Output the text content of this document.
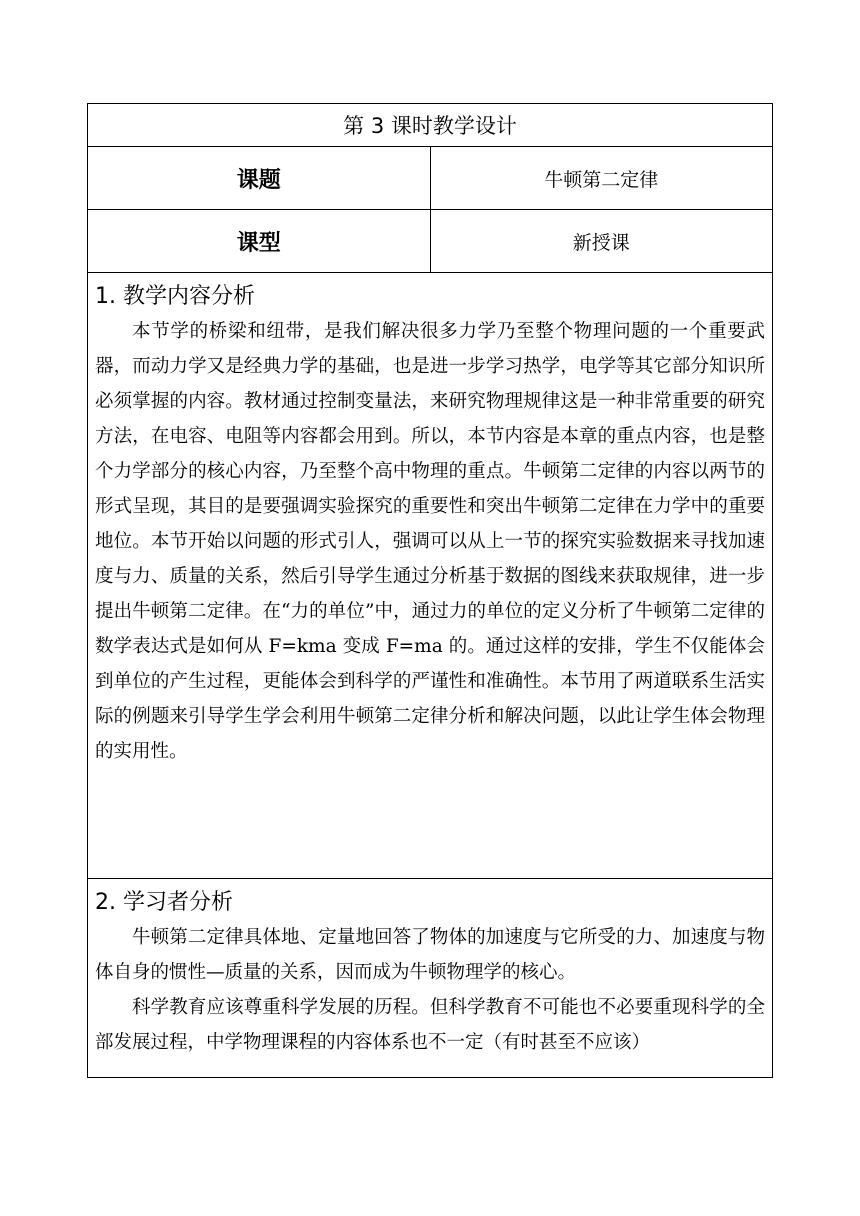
第 3 课时教学设计	
课题	牛顿第二定律
课型	新授课

1. 教学内容分析

本节学的桥梁和纽带，是我们解决很多力学乃至整个物理问题的一个重要武器，而动力学又是经典力学的基础，也是进一步学习热学，电学等其它部分知识所必须掌握的内容。教材通过控制变量法，来研究物理规律这是一种非常重要的研究方法，在电容、电阻等内容都会用到。所以，本节内容是本章的重点内容，也是整个力学部分的核心内容，乃至整个高中物理的重点。牛顿第二定律的内容以两节的形式呈现，其目的是要强调实验探究的重要性和突出牛顿第二定律在力学中的重要地位。本节开始以问题的形式引人，强调可以从上一节的探究实验数据来寻找加速度与力、质量的关系，然后引导学生通过分析基于数据的图线来获取规律，进一步提出牛顿第二定律。在“力的单位”中，通过力的单位的定义分析了牛顿第二定律的数学表达式是如何从 F=kma 变成 F=ma 的。通过这样的安排，学生不仅能体会到单位的产生过程，更能体会到科学的严谨性和准确性。本节用了两道联系生活实际的例题来引导学生学会利用牛顿第二定律分析和解决问题，以此让学生体会物理的实用性。	

2. 学习者分析

牛顿第二定律具体地、定量地回答了物体的加速度与它所受的力、加速度与物体自身的惯性—质量的关系，因而成为牛顿物理学的核心。

科学教育应该尊重科学发展的历程。但科学教育不可能也不必要重现科学的全部发展过程，中学物理课程的内容体系也不一定（有时甚至不应该）	
